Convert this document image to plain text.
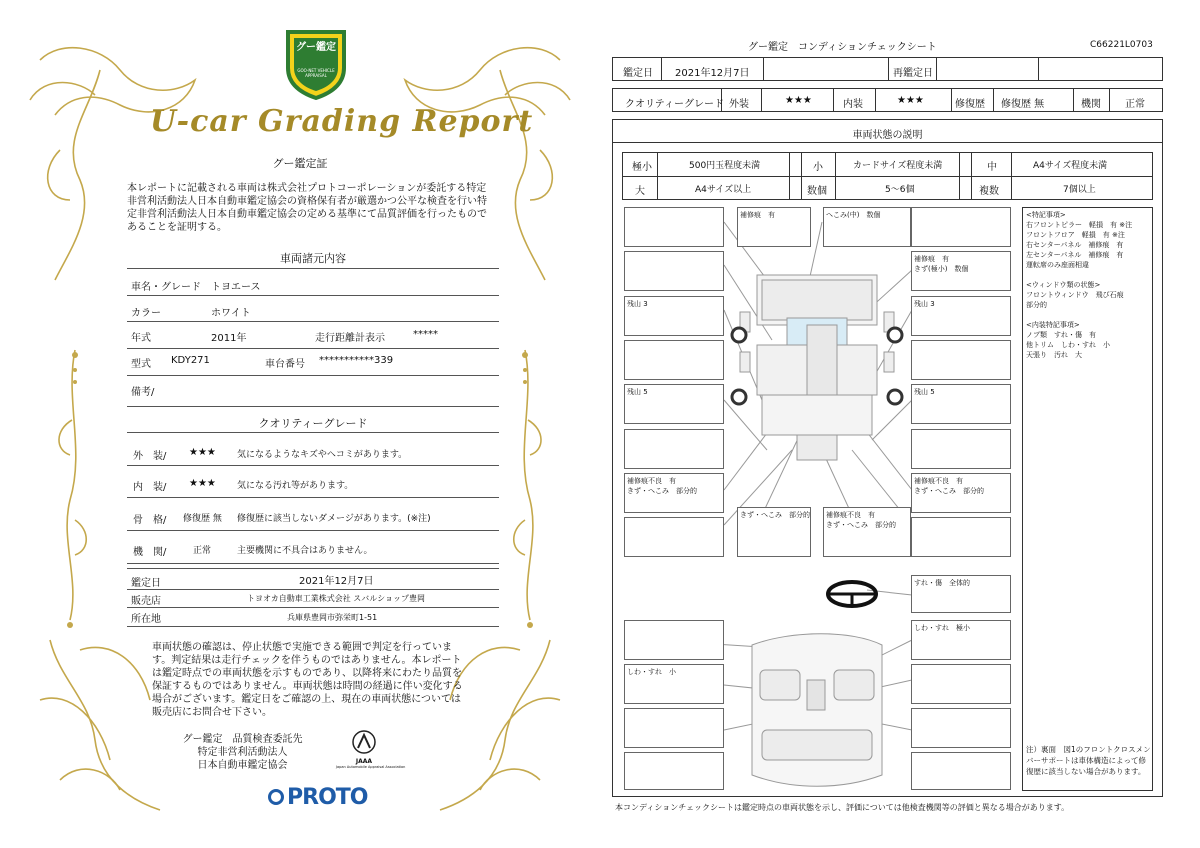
グー鑑定
GOO-NET VEHICLE APPRAISAL
U-car Grading Report
グー鑑定証
本レポートに記載される車両は株式会社プロトコーポレーションが委託する特定非営利活動法人日本自動車鑑定協会の資格保有者が厳選かつ公平な検査を行い特定非営利活動法人日本自動車鑑定協会の定める基準にて品質評価を行ったものであることを証明する。
車両諸元内容
車名・グレード トヨエース
カラー	ホワイト
年式	2011年	走行距離計表示	*****
型式 KDY271	車台番号 ***********339
備考/
クオリティーグレード
外　装/ ★★★ 気になるようなキズやヘコミがあります。
内　装/ ★★★ 気になる汚れ等があります。
骨　格/ 修復歴 無 修復歴に該当しないダメージがあります。(※注)
機　関/	正常	主要機関に不具合はありません。
鑑定日	2021年12月7日
販売店	トヨオカ自動車工業株式会社 スバルショップ豊岡
所在地	兵庫県豊岡市弥栄町1-51
車両状態の確認は、停止状態で実施できる範囲で判定を行っています。判定結果は走行チェックを伴うものではありません。本レポートは鑑定時点での車両状態を示すものであり、以降将来にわたり品質を保証するものではありません。車両状態は時間の経過に伴い変化する場合がございます。鑑定日をご確認の上、現在の車両状態については販売店にお問合せ下さい。
グー鑑定　品質検査委託先
特定非営利活動法人
日本自動車鑑定協会	JAAA
Japan Automobile Appraisal Association
PROTO
グー鑑定　コンディションチェックシート	C66221L0703
鑑定日 2021年12月7日	再鑑定日
クオリティーグレード 外装	★★★	内装	★★★	修復歴 修復歴 無	機関 正常
車両状態の説明
極小	500円玉程度未満	小	カードサイズ程度未満	中	A4サイズ程度未満
大	A4サイズ以上	数個	5～6個	複数	7個以上
<特記事項>
右フロントピラー　軽損　有 ※注
フロントフロア　軽損　有 ※注
右センターパネル　補修痕　有
左センターパネル　補修痕　有
運転席のみ座面相違

<ウィンドウ類の状態>
フロントウィンドウ　飛び石痕
部分的

<内装特記事項>
ノブ類　すれ・傷　有
他トリム　しわ・すれ　小
天張り　汚れ　大
注）裏面　図1のフロントクロスメンバーサポートは車体構造によって修復歴に該当しない場合があります。
残山 3
残山 5
補修痕不良　有
きず・へこみ　部分的
しわ・すれ　小
補修痕　有	へこみ(中)　数個
補修痕　有
きず(極小)　数個
残山 3
残山 5
補修痕不良　有
きず・へこみ　部分的
すれ・傷　全体的
しわ・すれ　極小
きず・へこみ　部分的	補修痕不良　有
きず・へこみ　部分的
本コンディションチェックシートは鑑定時点の車両状態を示し、評価については他検査機関等の評価と異なる場合があります。
